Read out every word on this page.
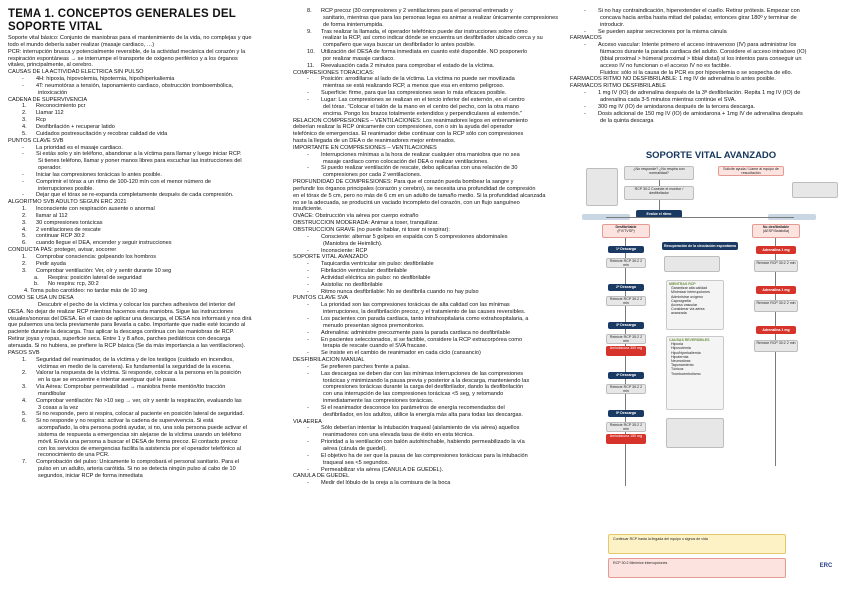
TEMA 1. CONCEPTOS GENERALES DEL
SOPORTE VITAL
Soporte vital básico: Conjunto de maniobras para el mantenimiento de la vida, no complejas y que
todo el mundo debería saber realizar (masaje cardiaco, …)
PCR: interrupción brusca y potencialmente reversible, de la actividad mecánica del corazón y la
respiración espontáneas → se interrumpe el transporte de oxígeno periférico y a los órganos
vitales, principalmente, al cerebro.
CAUSAS DE LA ACTIVIDAD ELÉCTRICA SIN PULSO
-	4H: hipoxia, hipovolemia, hipotermia, hipo/hiperkaliemia
-	4T: neumotórax a tensión, taponamiento cardiaco, obstrucción tromboembólica,
intoxicación
CADENA DE SUPERVIVENCIA
1.	Reconocimiento pcr
2.	Llamar 112
3.	Rcp
4.	Desfibrilación + recuperar latido
5.	Cuidados postresucitación y recobrar calidad de vida
PUNTOS CLAVE SVB
-	La prioridad es el masaje cardiaco.
-	Si estás solo y sin teléfono, abandonar a la víctima para llamar y luego iniciar RCP.
Si tienes teléfono, llamar y poner manos libres para escuchar las instrucciones del
operador.
-	Iniciar las compresiones torácicas lo antes posible.
-	Comprimir el tórax a un ritmo de 100-120 mín con el menor número de
interrupciones posible.
-	Dejar que el tórax se re-expanda completamente después de cada compresión.
ALGORITMO SVB ADULTO SEGÚN ERC 2021
1.	Inconsciente con respiración ausente o anormal
2.	llamar al 112
3.	30 compresiones torácicas
4.	2 ventilaciones de rescate
5.	continuar RCP 30:2
6.	cuando llegue el DEA, encender y seguir instrucciones
CONDUCTA PAS: proteger, avisar, socorrer
1.	Comprobar consciencia: golpeando los hombros
2.	Pedir ayuda
3.	Comprobar ventilación: Ver, oír y sentir durante 10 seg
a.	Respira: posición lateral de seguridad
b.	No respira: rcp, 30:2
4. Toma pulso carotídeo: no tardar más de 10 seg
COMO SE USA UN DESA
Descubrir el pecho de la víctima y colocar los parches adhesivos del interior del
DESA. No dejar de realizar RCP mientras hacemos esta maniobra. Sigue las instrucciones
visuales/sonoras del DESA. En el caso de aplicar una descarga, el DESA nos informará y nos dirá
que pulsemos una tecla previamente para llevarla a cabo. Importante que nadie esté tocando al
paciente durante la descarga. Tras aplicar la descarga continua con las maniobras de RCP.
Retirar joyas y ropas, superficie seca. Entre 1 y 8 años, parches pediátricos con descarga
atenuada. Si no hubiera, se prefiere la RCP básica (Se da más importancia a las ventilaciones).
PASOS SVB
1.	Seguridad del reanimador, de la víctima y de los testigos (cuidado en incendios,
víctimas en medio de la carretera). Es fundamental la seguridad de la escena.
2.	Valorar la respuesta de la víctima. Si responde, colocar a la persona en la posición
en la que se encuentre e intentar averiguar qué le pasa.
3.	Vía Aérea: Comprobar permeabilidad → maniobra frente mentón/tto tracción
mandibular
4.	Comprobar ventilación: No >10 seg → ver, oír y sentir la respiración, evaluando las
3 cosas a la vez
5.	Si no responde, pero si respira, colocar al paciente en posición lateral de seguridad.
6.	Si no responde y no respira: activar la cadena de supervivencia. Si está
acompañado, la otra persona podrá ayudar, si no, una sola persona puede activar el
sistema de respuesta a emergencias sin alejarse de la víctima usando un teléfono
móvil. Envía una persona a buscar el DESA de forma precoz. El contacto precoz
con los servicios de emergencias facilita la asistencia por el operador telefónico al
reconocimiento de una PCR.
7.	Comprobación del pulso: Únicamente lo comprobará el personal sanitario. Para el
pulso en un adulto, arteria carótida. Si no se detecta ningún pulso al cabo de 10
segundos, iniciar RCP de forma inmediata
8.	RCP precoz (30 compresiones y 2 ventilaciones para el personal entrenado y
sanitario, mientras que para las personas legas es animar a realizar únicamente compresiones
de forma ininterrumpida.
9.	Tras realizar la llamada, el operador telefónico puede dar instrucciones sobre cómo
realizar la RCP, así como indicar dónde se encuentra un desfibrilador ubicado cerca y su
compañero que vaya buscar un desfibrilador lo antes posible.
10.	Utilización del DESA de forma inmediata en cuanto esté disponible. NO posponerlo
por realizar masaje cardiaco.
11.	Reevaluación cada 2 minutos para comprobar el estado de la víctima.
COMPRESIONES TORÁCICAS:
-	Posición: arrodillarse al lado de la víctima. La víctima no puede ser movilizada
mientras se está realizando RCP, a menos que esa en entorno peligroso.
-	Superficie: firme, para que las compresiones sean lo más eficaces posible.
-	Lugar: Las compresiones se realizan en el tercio inferior del esternón, en el centro
del tórax. "Colocar el talón de la mano en el centro del pecho, con la otra mano
encima. Pongo los brazos totalmente extendidos y perpendiculares al esternón."
RELACIÓN COMPRESIONES – VENTILACIONES: Los reanimadores legos en entrenamiento
deberían realizar la RCP únicamente con compresiones, con o sin la ayuda del operador
telefónico de emergencias. El reanimador debe continuar con la RCP sólo con compresiones
hasta la llegada de un DEA o de reanimadores mejor entrenados.
IMPORTANTE EN COMPRESIONES – VENTILACIONES
-	Interrupciones mínimas a la hora de realizar cualquier otra maniobra que no sea
masaje cardiaco como colocación del DEA o realizar ventilaciones.
-	Si puedo realizar ventilación de rescate, debo aplicarlas con una relación de 30
compresiones por cada 2 ventilaciones.
PROFUNDIDAD DE COMPRESIONES: Para que el corazón pueda bombear la sangre y
perfundir los órganos principales (corazón y cerebro), se necesita una profundidad de compresión
en el tórax de 5 cm, pero no más de 6 cm en un adulto de tamaño medio. Si la profundidad alcanzada
no se la adecuada, se producirá un vaciado incompleto del corazón, con un flujo sanguíneo
insuficiente.
OVACE: Obstrucción vía aérea por cuerpo extraño
OBSTRUCCIÓN MODERADA: Animar a toser, tranquilizar.
OBSTRUCCIÓN GRAVE (no puede hablar, ni toser ni respirar):
-	Consciente: alternar 5 golpes en espalda con 5 compresiones abdominales
(Maniobra de Heimlich).
-	Inconsciente: RCP
SOPORTE VITAL AVANZADO
-	Taquicardia ventricular sin pulso: desfibrilable
-	Fibrilación ventricular: desfibrilable
-	Actividad eléctrica sin pulso: no desfibrilable
-	Asistolia: no desfibrilable
-	Ritmo nunca desfibrilable: No se desfibrila cuando no hay pulso
PUNTOS CLAVE SVA
-	La prioridad son las compresiones torácicas de alta calidad con las mínimas
interrupciones, la desfibrilación precoz, y el tratamiento de las causes reversibles.
-	Los pacientes con parada cardiaca, tanto intrahospitalaria como extrahospitalaria, a
menudo presentan signos premonitorios.
-	Adrenalina: administre precozmente para la parada cardiaca no desfibrilable
-	En pacientes seleccionados, si se factible, considere la RCP extracorpórea como
terapia de rescate cuando el SVA fracase.
-	Se insiste en el cambio de reanimador en cada ciclo (cansancio)
DESFIBRILACIÓN MANUAL
-	Se prefieren parches frente a palas.
-	Las descargas se deben dar con las mínimas interrupciones de las compresiones
torácicas y minimizando la pausa previa y posterior a la descarga, manteniendo las
compresiones torácicas durante la carga del desfibrilador, dando la desfibrilación
con una interrupción de las compresiones torácicas <5 seg, y retomando
inmediatamente las compresiones torácicas.
-	Si el reanimador desconoce los parámetros de energía recomendados del
desfibrilador, en los adultos, utilice la energía más alta para todas las descargas.
VÍA AÉREA
-	Sólo deberían intentar la intubación traqueal (aislamiento de vía aérea) aquellos
reanimadores con una elevada tasa de éxito en esta técnica.
-	Prioridad a la ventilación con balón autohinchable, habiendo permeabilizado la vía
aérea (cánula de guedel).
-	El objetivo ha de ser que la pausa de las compresiones torácicas para la intubación
traqueal sea <5 segundos.
-	Permeabilizar vía aérea (CÁNULA DE GUEDEL).
CÁNULA DE GUEDEL
-	Medir del lóbulo de la oreja a la comisura de la boca
-	Si no hay contraindicación, hiperextender el cuello. Retirar prótesis. Empezar con
concava hacia arriba hasta mitad del paladar, entonces girar 180º y terminar de
introducir.
-	Se pueden aspirar secreciones por la misma cánula
FÁRMACOS
-	Acceso vascular: Intente primero el acceso intravenoso (IV) para administrar los
fármacos durante la parada cardiaca del adulto. Considere el acceso intraóseo (IO)
(tibial proximal > húmeral proximal > tibial distal) si los intentos para conseguir un
acceso IV no funcionan o el acceso IV no es factible.
Fluidos: sólo si la causa de la PCR es por hipovolemia o se sospecha de ello.
FÁRMACOS RITMO NO DESFIBRILABLE: 1 mg IV de adrenalina lo antes posible.
FÁRMACOS RITMO DESFIBRILABLE
-	1 mg IV (IO) de adrenalina después de la 3ª desfibrilación. Repita 1 mg IV (IO) de
adrenalina cada 3-5 minutos mientras continúe el SVA.
-	300 mg IV (IO) de amiodarona después de la tercera descarga.
-	Dosis adicional de 150 mg IV (IO) de amiodarona + 1mg IV de adrenalina después
de la quinta descarga
SOPORTE VITAL AVANZADO
¿No responde? ¿No respira con normalidad?
Solicite ayuda / Llame al equipo de resucitación
RCP 30:2 Conecte el monitor / desfibrilador
Evalúe el ritmo
Desfibrilable
(FV/TVSP)
No desfibrilable
(AESP/Asistolia)
1ª Descarga
Reinicie RCP 30:2 2 min
2ª Descarga
Reinicie RCP 30:2 2 min
3ª Descarga
Reinicie RCP 30:2 2 min
Amiodarona 300 mg
4ª Descarga
Reinicie RCP 30:2 2 min
5ª Descarga
Reinicie RCP 30:2 2 min
Amiodarona 150 mg
Adrenalina 1 mg
Reinicie RCP 30:2 2 min
Adrenalina 1 mg
Reinicie RCP 30:2 2 min
Adrenalina 1 mg
Reinicie RCP 30:2 2 min
Recuperación de la circulación espontánea
MIENTRAS RCP
Garantizar alta calidad
Minimizar interrupciones
Administrar oxígeno
Capnografía
Acceso vascular
Considerar vía aérea avanzada
CAUSAS REVERSIBLES
Hipoxia
Hipovolemia
Hipo/hiperkaliemia
Hipotermia
Neumotórax
Taponamiento
Tóxicos
Tromboembolismo
Continuar RCP hasta la llegada del equipo o signos de vida
RCP 30:2 Minimice interrupciones	ERC
